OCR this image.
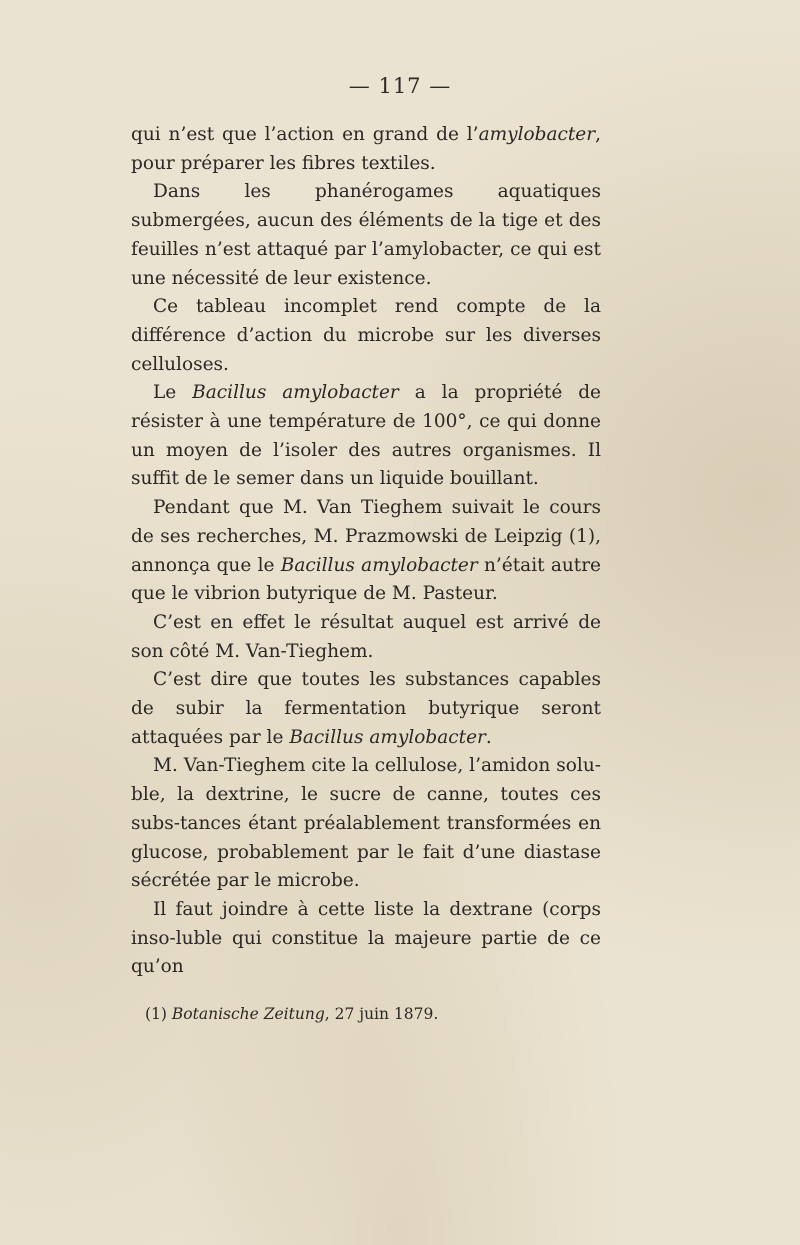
— 117 —

qui n’est que l’action en grand de l’amylobacter, pour préparer les fibres textiles.

Dans les phanérogames aquatiques submergées, aucun des éléments de la tige et des feuilles n’est attaqué par l’amylobacter, ce qui est une nécessité de leur existence.

Ce tableau incomplet rend compte de la différence d’action du microbe sur les diverses celluloses.

Le Bacillus amylobacter a la propriété de résister à une température de 100°, ce qui donne un moyen de l’isoler des autres organismes. Il suffit de le semer dans un liquide bouillant.

Pendant que M. Van Tieghem suivait le cours de ses recherches, M. Prazmowski de Leipzig (1), annonça que le Bacillus amylobacter n’était autre que le vibrion butyrique de M. Pasteur.

C’est en effet le résultat auquel est arrivé de son côté M. Van-Tieghem.

C’est dire que toutes les substances capables de subir la fermentation butyrique seront attaquées par le Bacillus amylobacter.

M. Van-Tieghem cite la cellulose, l’amidon solu-ble, la dextrine, le sucre de canne, toutes ces subs-tances étant préalablement transformées en glucose, probablement par le fait d’une diastase sécrétée par le microbe.

Il faut joindre à cette liste la dextrane (corps inso-luble qui constitue la majeure partie de ce qu’on

(1) Botanische Zeitung, 27 juin 1879.
